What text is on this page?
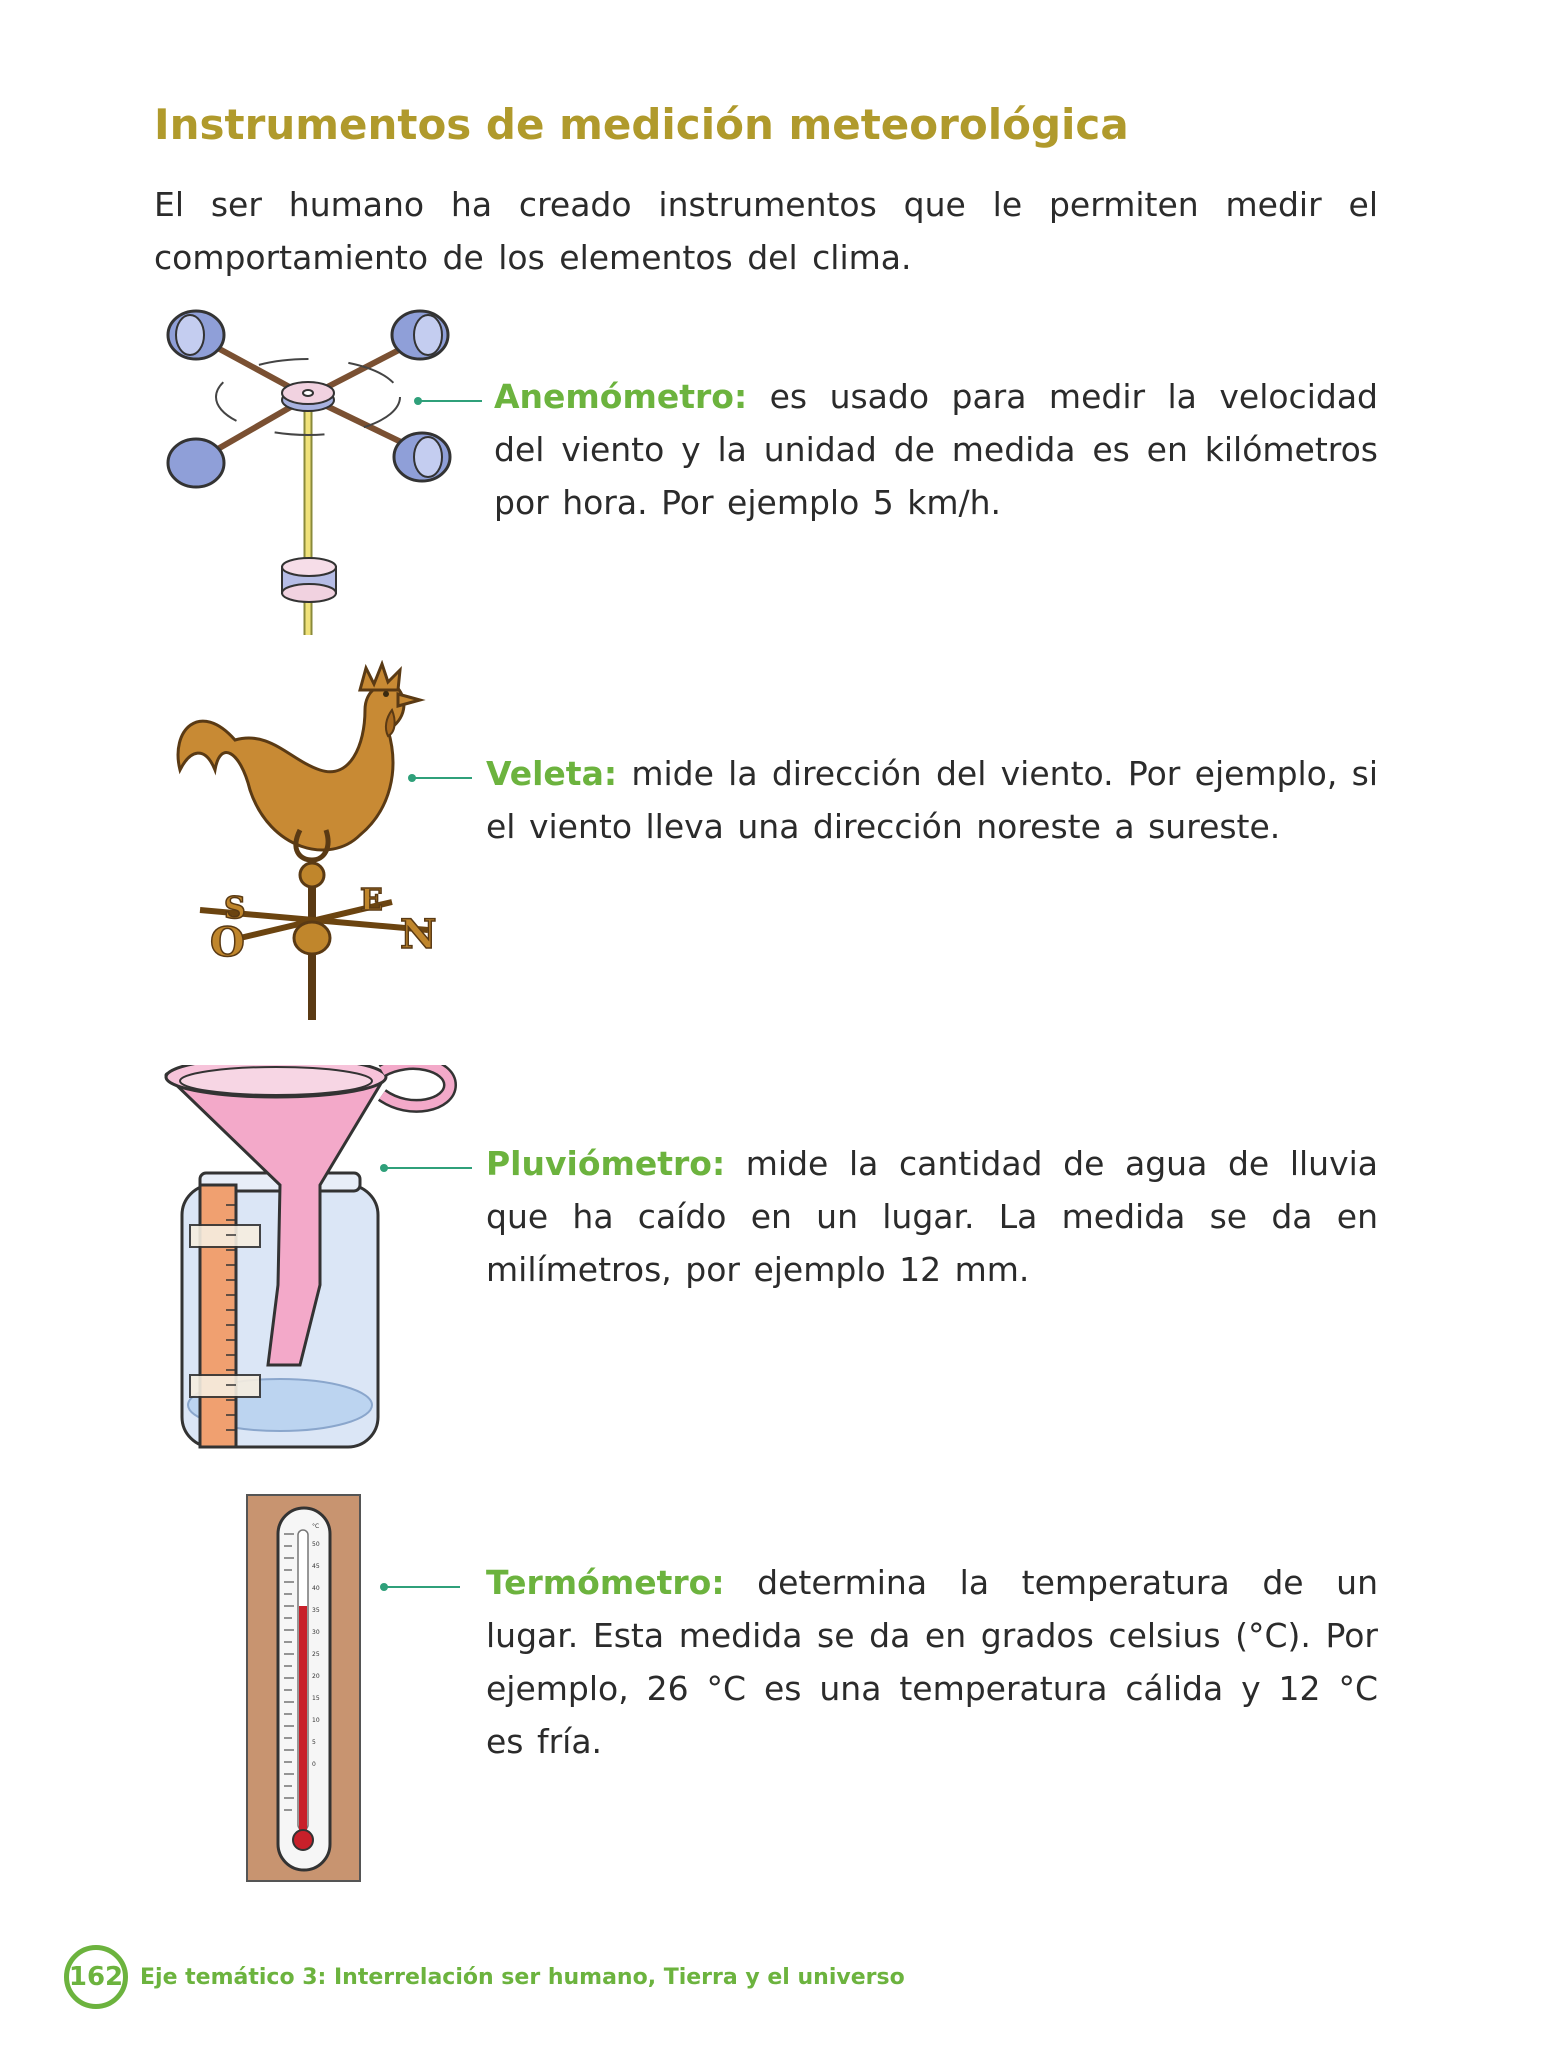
Instrumentos de medición meteorológica

El ser humano ha creado instrumentos que le permiten medir el comportamiento de los elementos del clima.

Anemómetro: es usado para medir la velocidad del viento y la unidad de medida es en kilómetros por hora. Por ejemplo 5 km/h.

S	E
N
O

Veleta: mide la dirección del viento. Por ejemplo, si el viento lleva una dirección noreste a sureste.

Pluviómetro: mide la cantidad de agua de lluvia que ha caído en un lugar. La medida se da en milímetros, por ejemplo 12 mm.

°C
50
45
40
35
30
25
20
15
10
5
0

Termómetro: determina la temperatura de un lugar. Esta medida se da en grados celsius (°C). Por ejemplo, 26 °C es una temperatura cálida y 12 °C es fría.

162 Eje temático 3: Interrelación ser humano, Tierra y el universo
